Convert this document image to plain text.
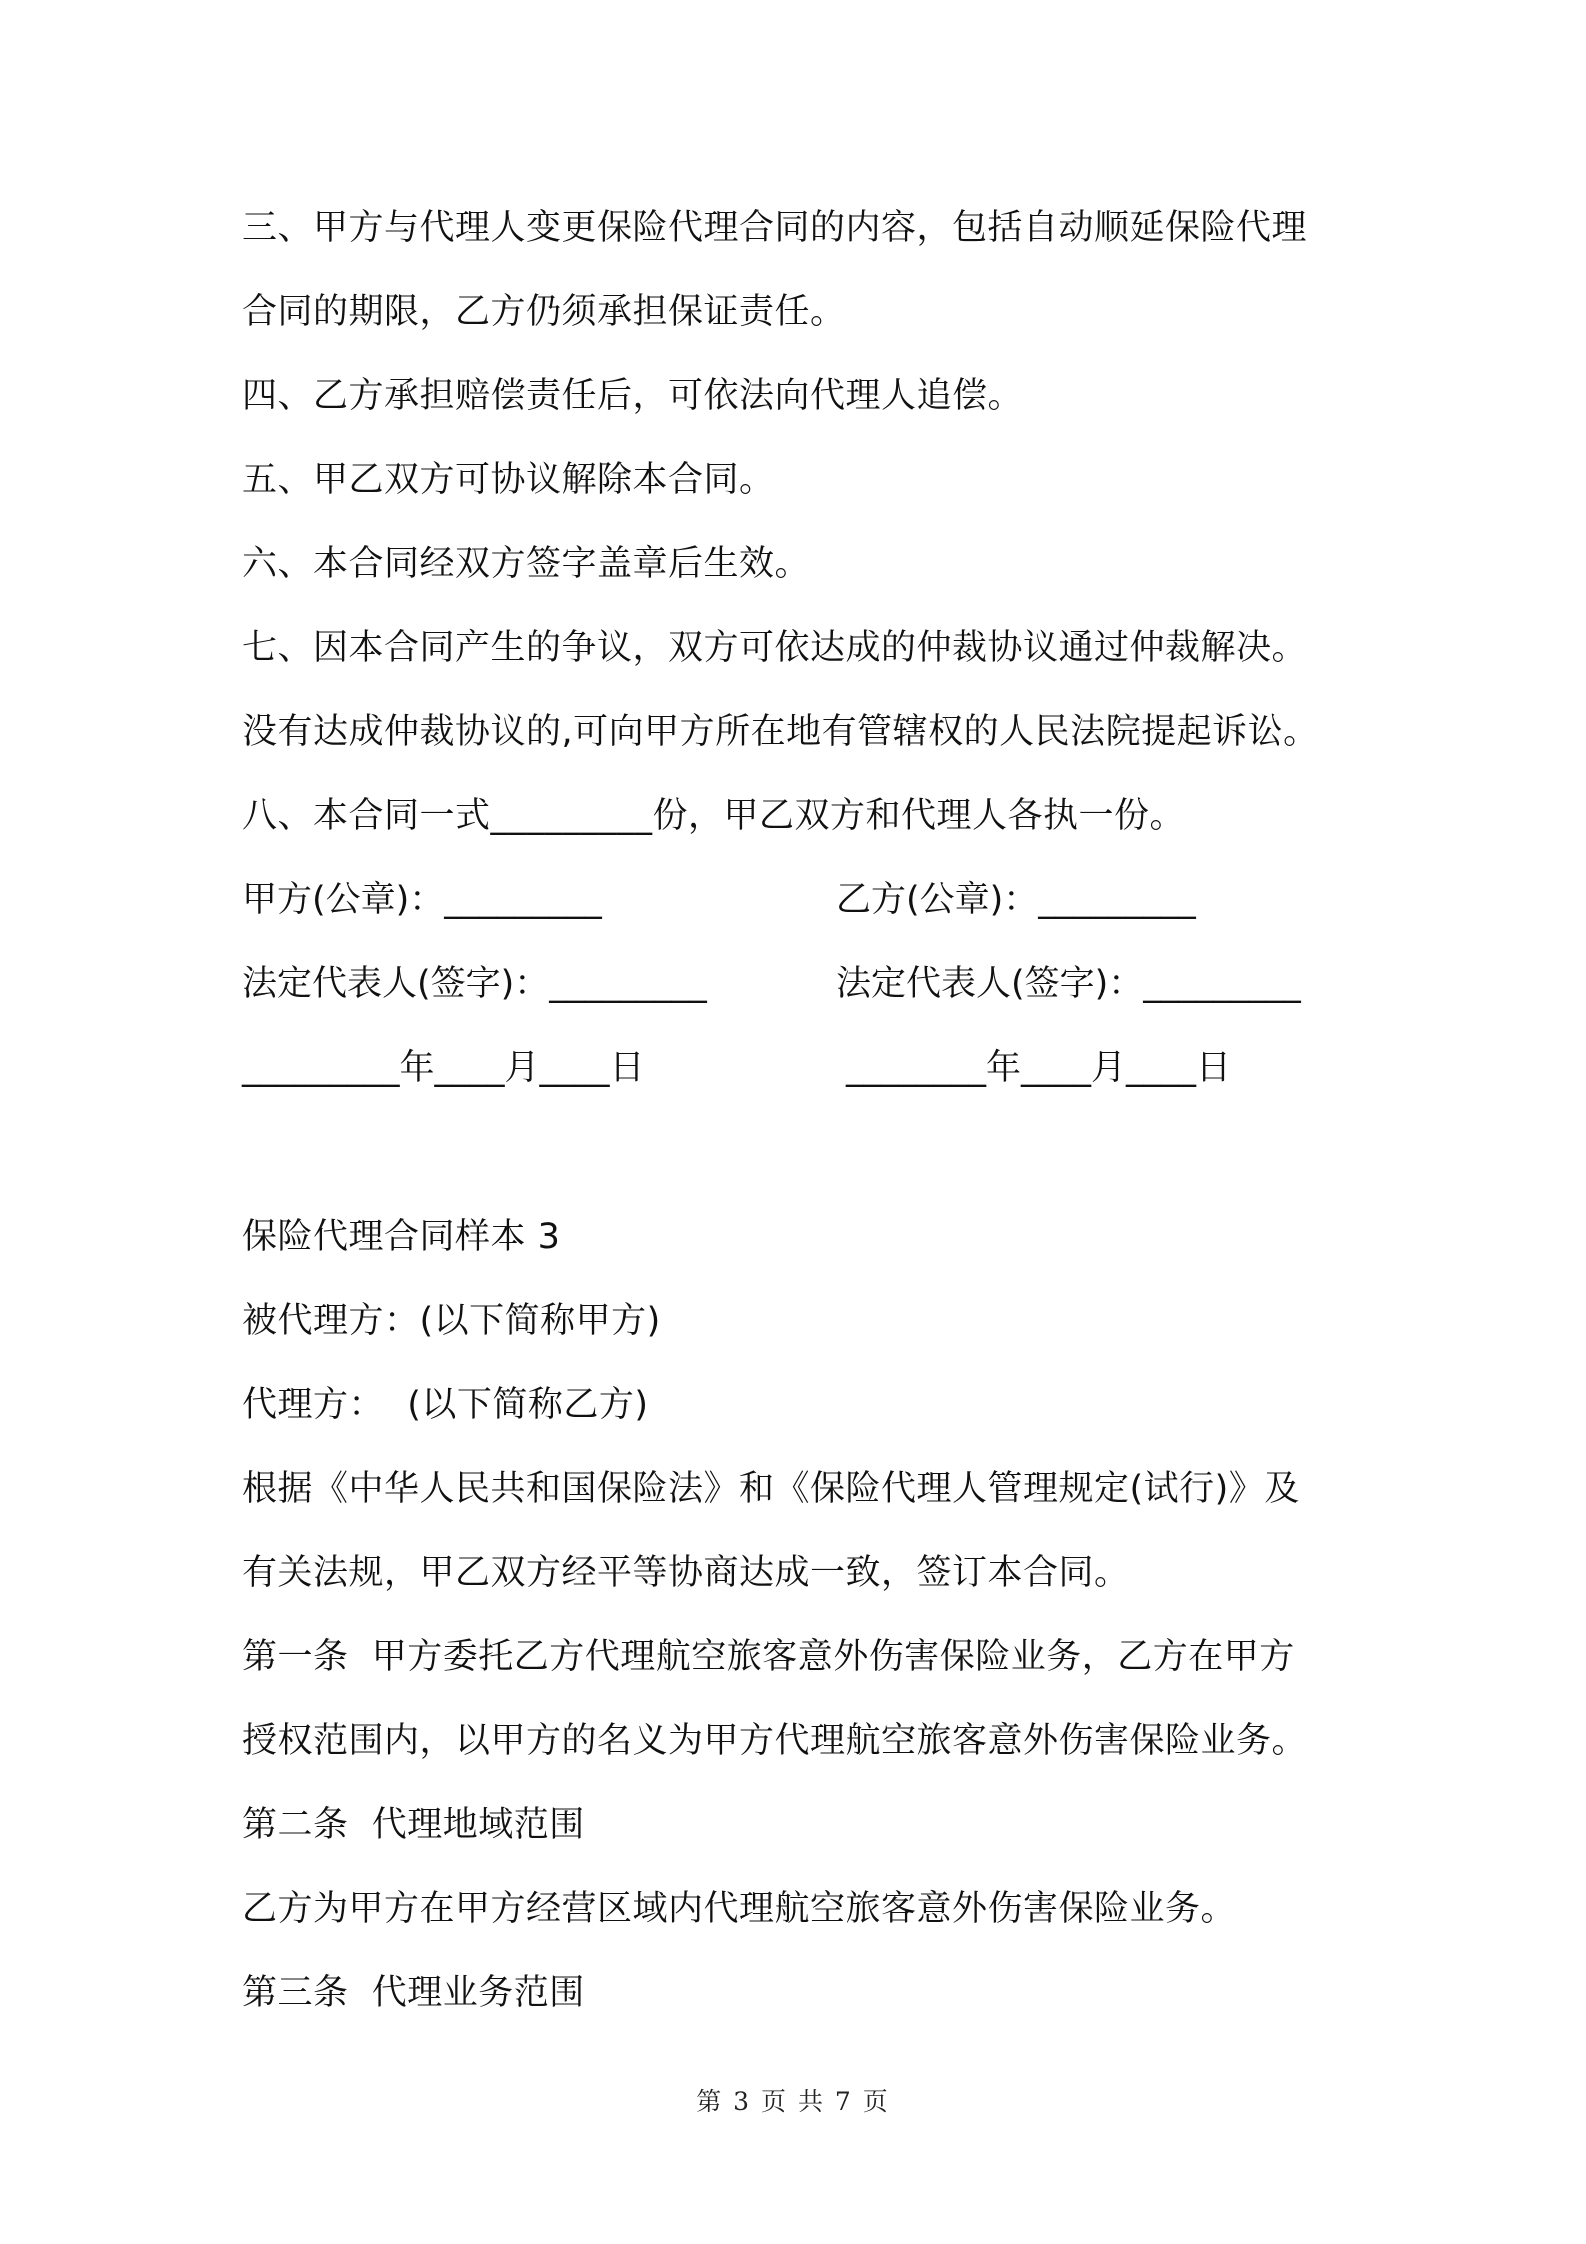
三、甲方与代理人变更保险代理合同的内容，包括自动顺延保险代理
合同的期限，乙方仍须承担保证责任。
四、乙方承担赔偿责任后，可依法向代理人追偿。
五、甲乙双方可协议解除本合同。
六、本合同经双方签字盖章后生效。
七、因本合同产生的争议，双方可依达成的仲裁协议通过仲裁解决。
没有达成仲裁协议的,可向甲方所在地有管辖权的人民法院提起诉讼。
八、本合同一式_________份，甲乙双方和代理人各执一份。
甲方(公章)：_________	乙方(公章)：_________
法定代表人(签字)：_________	法定代表人(签字)：_________
_________年____月____日	________年____月____日
保险代理合同样本 3
被代理方：(以下简称甲方)
代理方：  (以下简称乙方)
根据《中华人民共和国保险法》和《保险代理人管理规定(试行)》及
有关法规，甲乙双方经平等协商达成一致，签订本合同。
第一条  甲方委托乙方代理航空旅客意外伤害保险业务，乙方在甲方
授权范围内，以甲方的名义为甲方代理航空旅客意外伤害保险业务。
第二条  代理地域范围
乙方为甲方在甲方经营区域内代理航空旅客意外伤害保险业务。
第三条  代理业务范围
第 3 页 共 7 页
